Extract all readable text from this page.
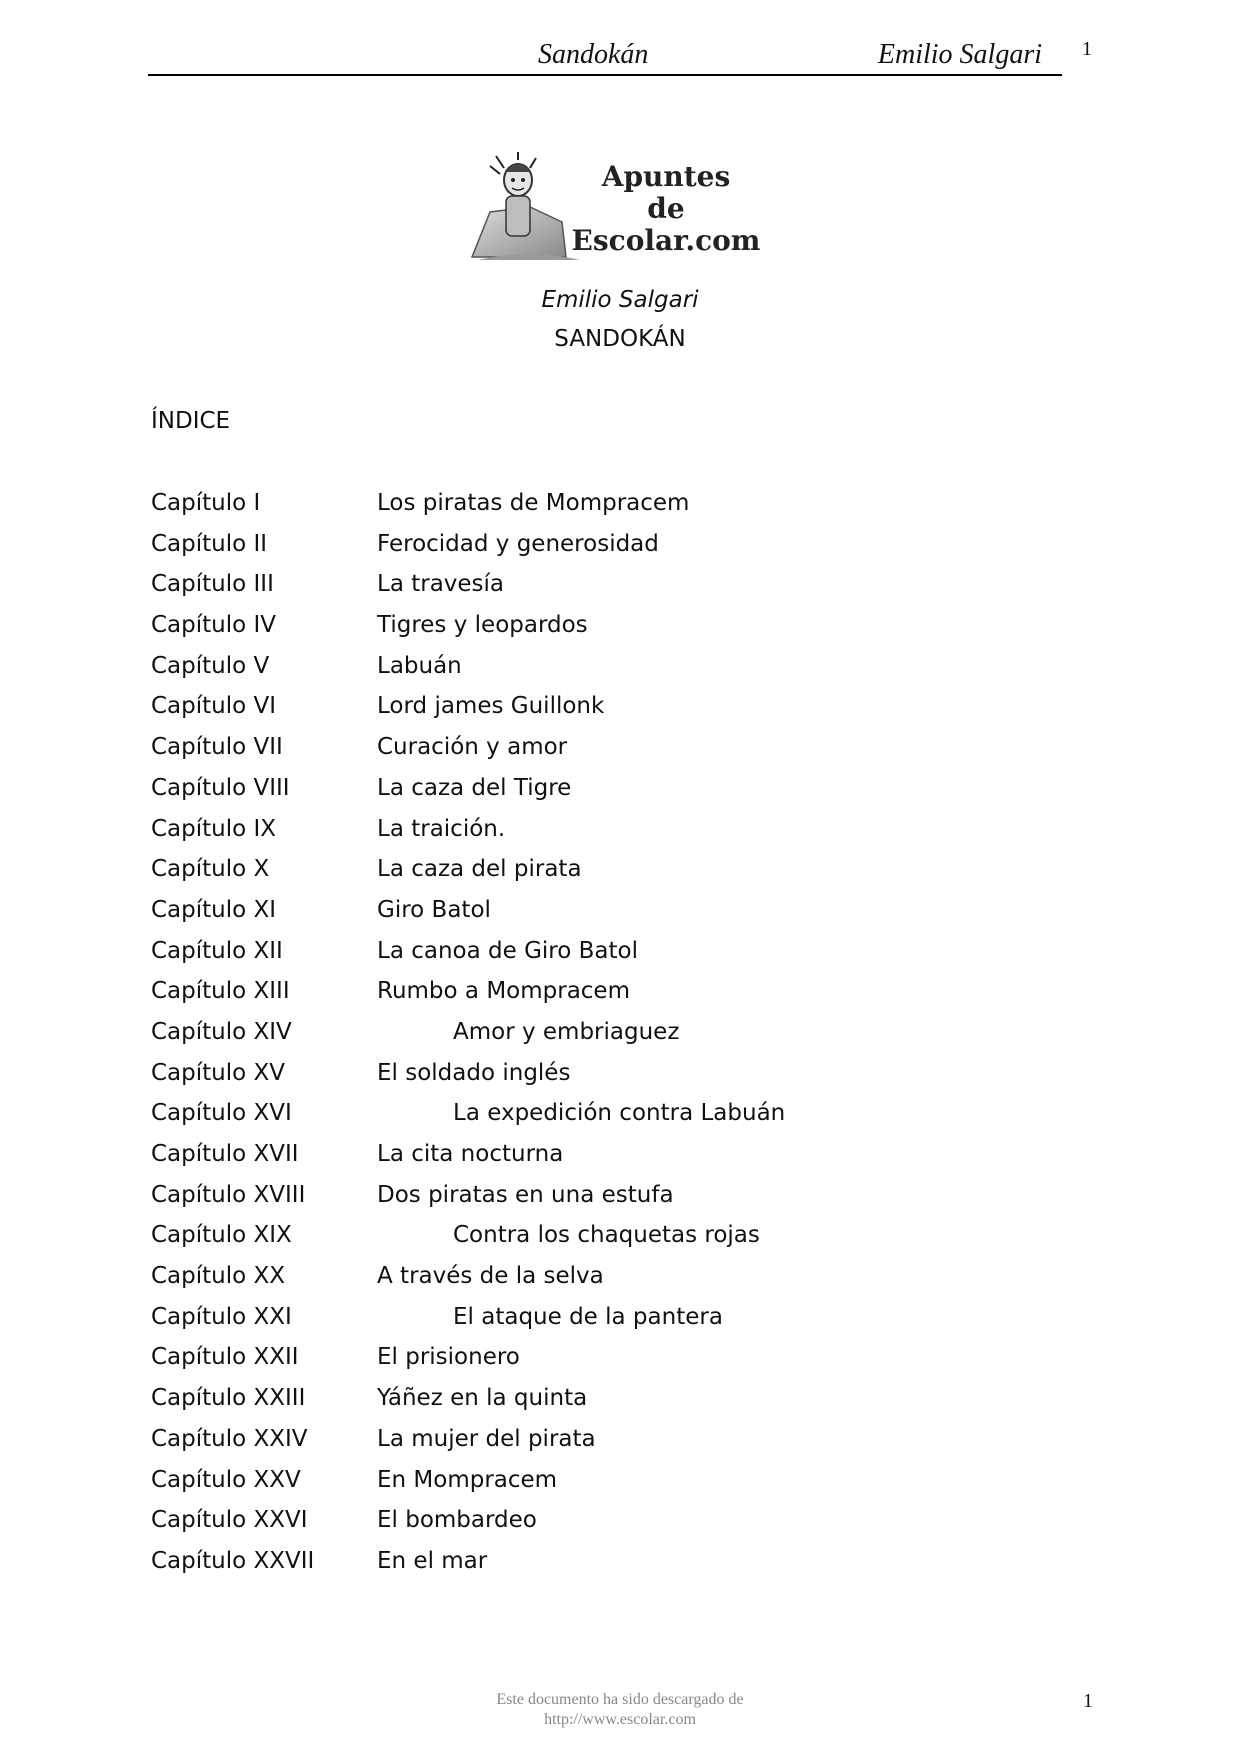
Sandokán	Emilio Salgari 1
Apuntes
de
Escolar.com
Emilio Salgari
SANDOKÁN
ÍNDICE
Capítulo I	Los piratas de Mompracem
Capítulo II	Ferocidad y generosidad
Capítulo III	La travesía
Capítulo IV	Tigres y leopardos
Capítulo V	Labuán
Capítulo VI	Lord james Guillonk
Capítulo VII	Curación y amor
Capítulo VIII	La caza del Tigre
Capítulo IX	La traición.
Capítulo X	La caza del pirata
Capítulo XI	Giro Batol
Capítulo XII	La canoa de Giro Batol
Capítulo XIII	Rumbo a Mompracem
Capítulo XIV	Amor y embriaguez
Capítulo XV	El soldado inglés
Capítulo XVI	La expedición contra Labuán
Capítulo XVII	La cita nocturna
Capítulo XVIII	Dos piratas en una estufa
Capítulo XIX	Contra los chaquetas rojas
Capítulo XX	A través de la selva
Capítulo XXI	El ataque de la pantera
Capítulo XXII	El prisionero
Capítulo XXIII	Yáñez en la quinta
Capítulo XXIV	La mujer del pirata
Capítulo XXV	En Mompracem
Capítulo XXVI	El bombardeo
Capítulo XXVII	En el mar
Este documento ha sido descargado de
http://www.escolar.com
1
